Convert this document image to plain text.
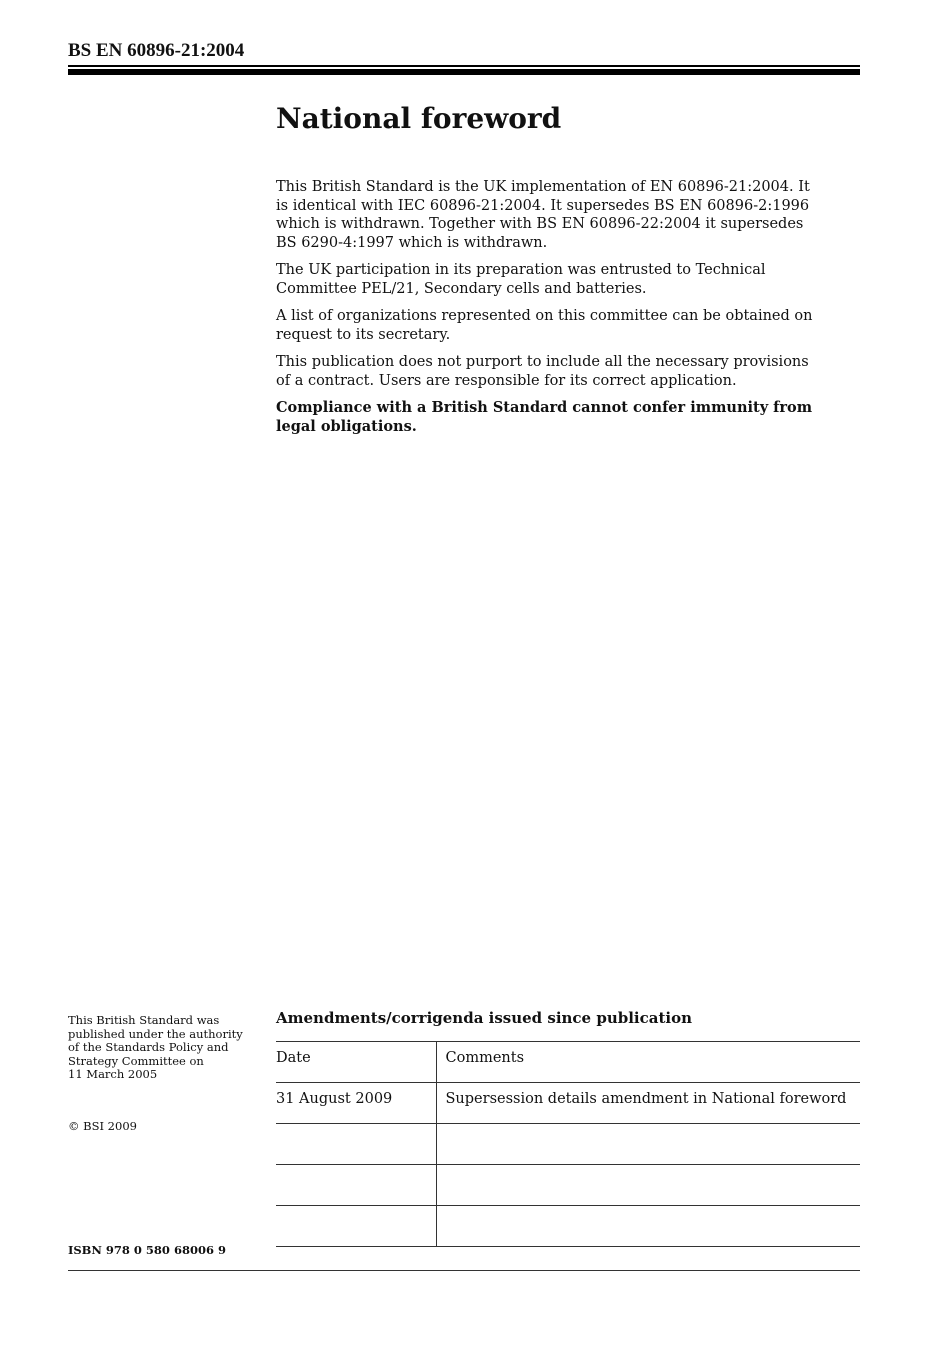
BS EN 60896-21:2004
National foreword

This British Standard is the UK implementation of EN 60896-21:2004. It is identical with IEC 60896-21:2004. It supersedes BS EN 60896-2:1996 which is withdrawn. Together with BS EN 60896-22:2004 it supersedes BS 6290-4:1997 which is withdrawn.

The UK participation in its preparation was entrusted to Technical Committee PEL/21, Secondary cells and batteries.

A list of organizations represented on this committee can be obtained on request to its secretary.

This publication does not purport to include all the necessary provisions of a contract. Users are responsible for its correct application.

Compliance with a British Standard cannot confer immunity from legal obligations.

This British Standard was
published under the authority
of the Standards Policy and
Strategy Committee on
11 March 2005
© BSI 2009
ISBN 978 0 580 68006 9
Amendments/corrigenda issued since publication
Date	Comments
31 August 2009	Supersession details amendment in National foreword
